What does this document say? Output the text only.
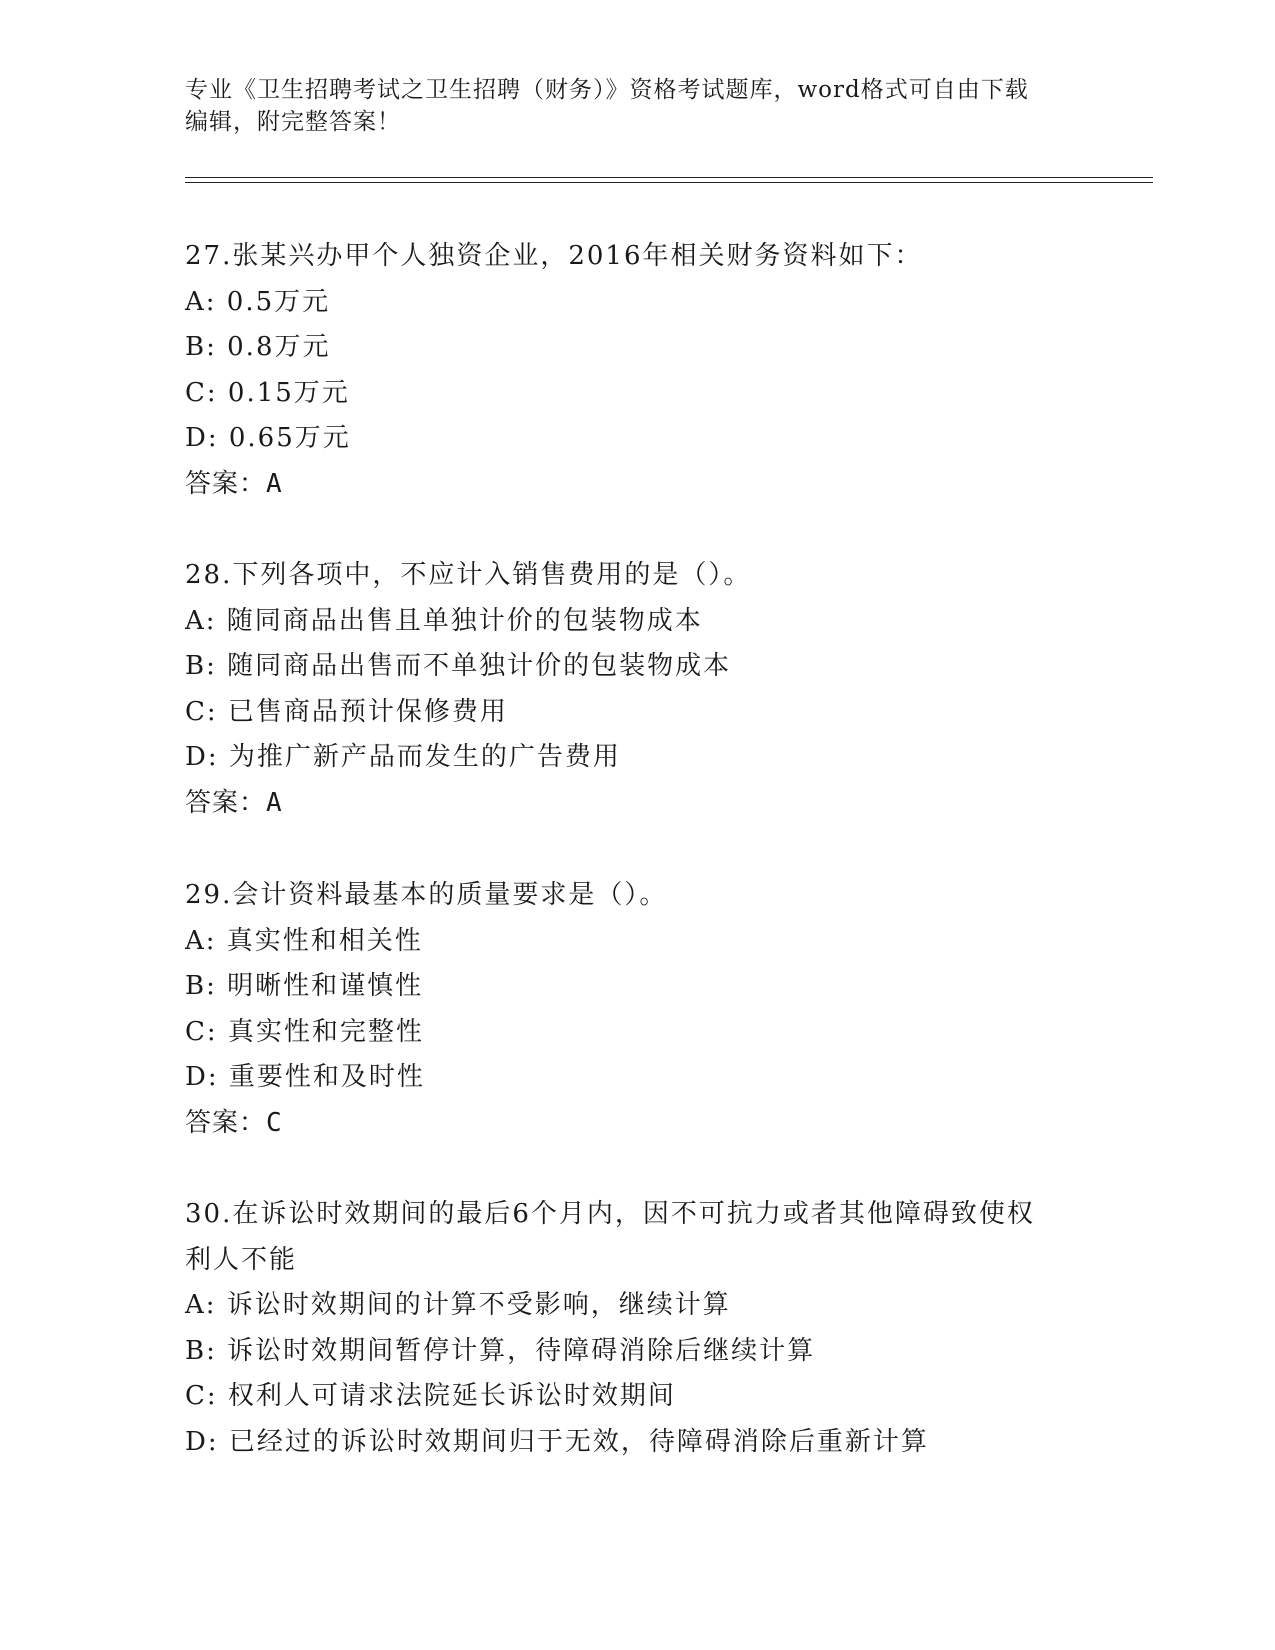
专业《卫生招聘考试之卫生招聘（财务）》资格考试题库，word格式可自由下载
编辑，附完整答案！
27.张某兴办甲个人独资企业，2016年相关财务资料如下：
A: 0.5万元
B: 0.8万元
C: 0.15万元
D: 0.65万元
答案：A
28.下列各项中，不应计入销售费用的是（）。
A: 随同商品出售且单独计价的包装物成本
B: 随同商品出售而不单独计价的包装物成本
C: 已售商品预计保修费用
D: 为推广新产品而发生的广告费用
答案：A
29.会计资料最基本的质量要求是（）。
A: 真实性和相关性
B: 明晰性和谨慎性
C: 真实性和完整性
D: 重要性和及时性
答案：C
30.在诉讼时效期间的最后6个月内，因不可抗力或者其他障碍致使权
利人不能
A: 诉讼时效期间的计算不受影响，继续计算
B: 诉讼时效期间暂停计算，待障碍消除后继续计算
C: 权利人可请求法院延长诉讼时效期间
D: 已经过的诉讼时效期间归于无效，待障碍消除后重新计算
